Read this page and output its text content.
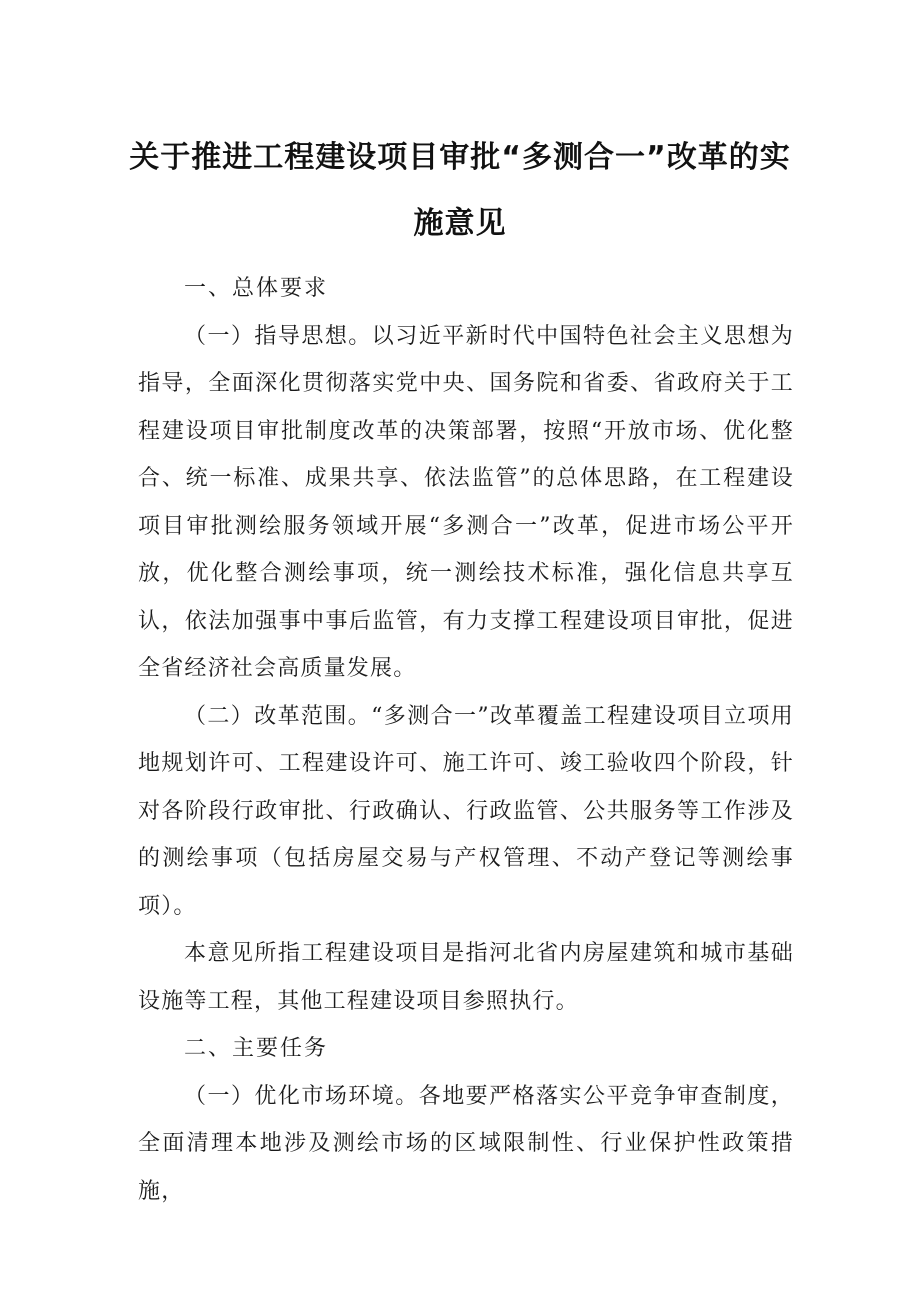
关于推进工程建设项目审批“多测合一”改革的实
施意见

一、总体要求

（一）指导思想。以习近平新时代中国特色社会主义思想为指导，全面深化贯彻落实党中央、国务院和省委、省政府关于工程建设项目审批制度改革的决策部署，按照“开放市场、优化整合、统一标准、成果共享、依法监管”的总体思路，在工程建设项目审批测绘服务领域开展“多测合一”改革，促进市场公平开放，优化整合测绘事项，统一测绘技术标准，强化信息共享互认，依法加强事中事后监管，有力支撑工程建设项目审批，促进全省经济社会高质量发展。

（二）改革范围。“多测合一”改革覆盖工程建设项目立项用地规划许可、工程建设许可、施工许可、竣工验收四个阶段，针对各阶段行政审批、行政确认、行政监管、公共服务等工作涉及的测绘事项（包括房屋交易与产权管理、不动产登记等测绘事项）。

本意见所指工程建设项目是指河北省内房屋建筑和城市基础设施等工程，其他工程建设项目参照执行。

二、主要任务

（一）优化市场环境。各地要严格落实公平竞争审查制度，全面清理本地涉及测绘市场的区域限制性、行业保护性政策措施，
